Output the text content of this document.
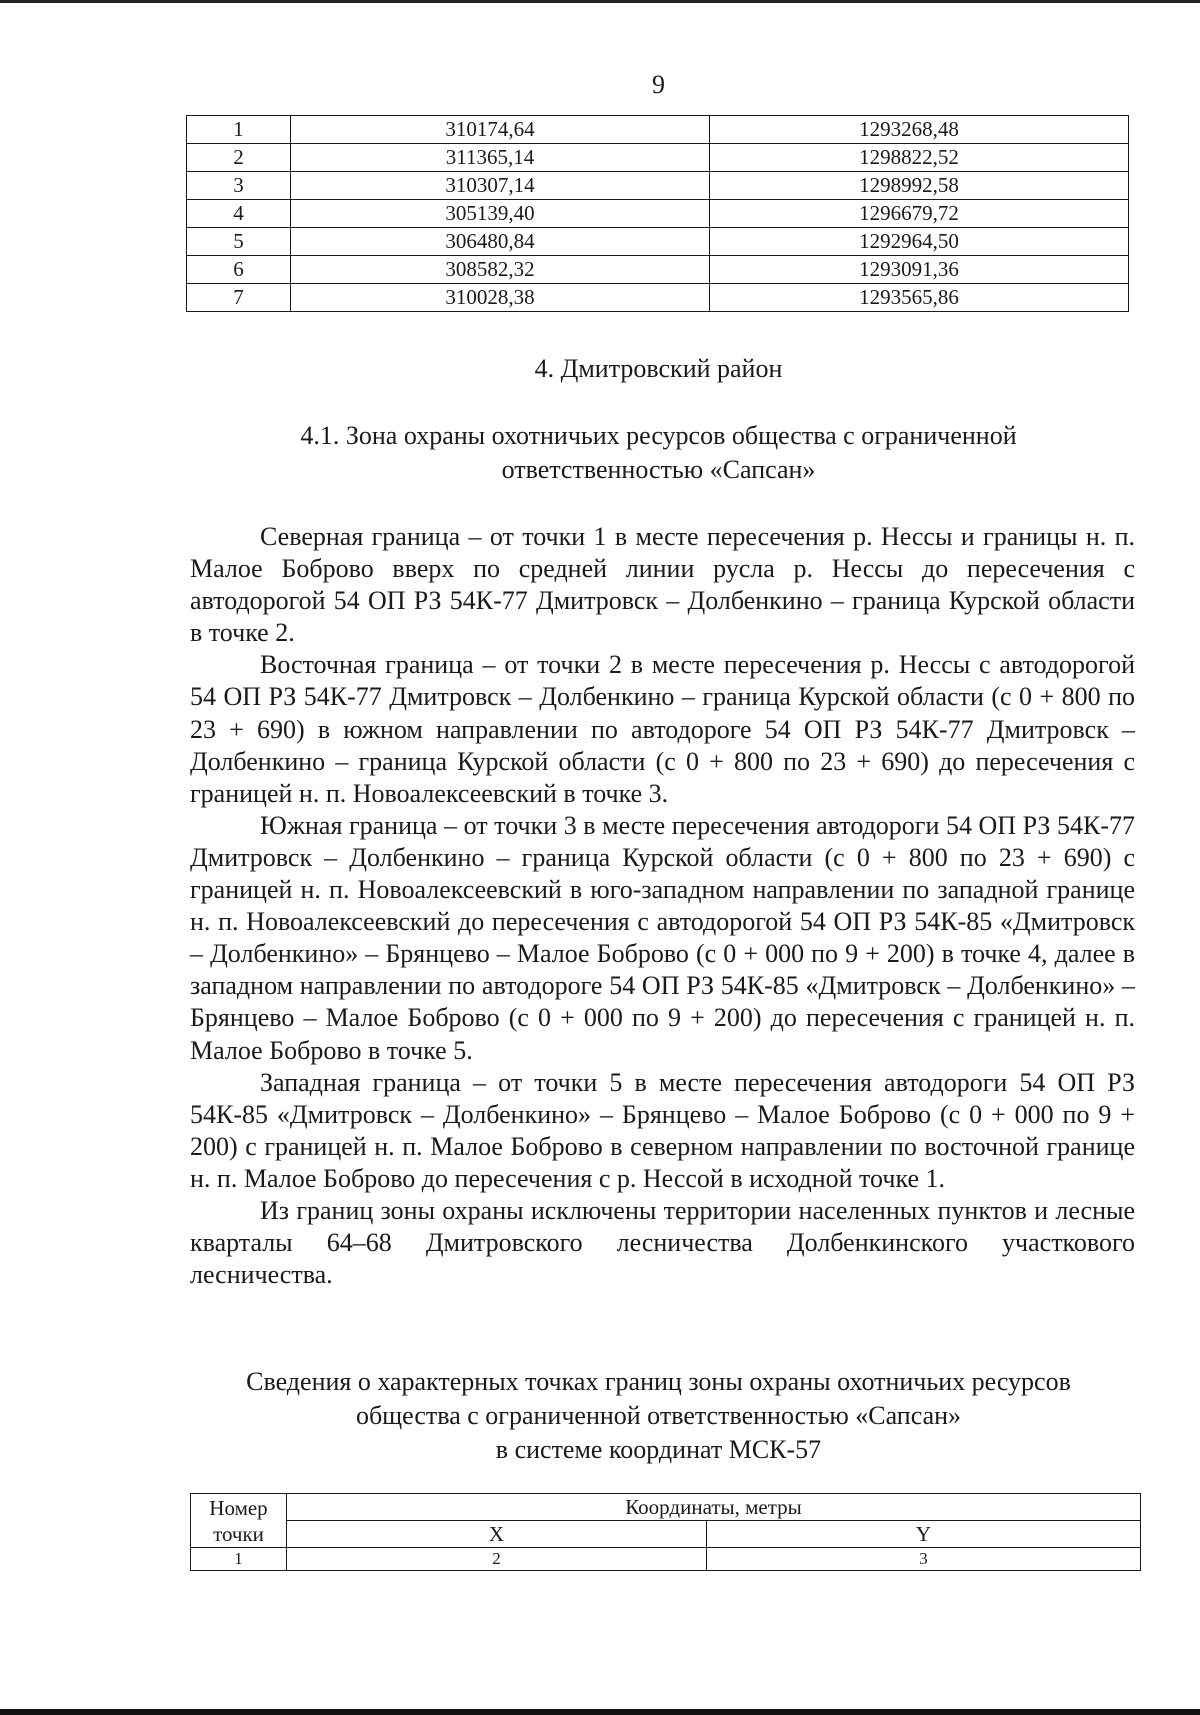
9
1	310174,64	1293268,48
2	311365,14	1298822,52
3	310307,14	1298992,58
4	305139,40	1296679,72
5	306480,84	1292964,50
6	308582,32	1293091,36
7	310028,38	1293565,86
4. Дмитровский район
4.1. Зона охраны охотничьих ресурсов общества с ограниченной
ответственностью «Сапсан»

Северная граница – от точки 1 в месте пересечения р. Нессы и границы н. п. Малое Боброво вверх по средней линии русла р. Нессы до пересечения с автодорогой 54 ОП РЗ 54К-77 Дмитровск – Долбенкино – граница Курской области в точке 2.

Восточная граница – от точки 2 в месте пересечения р. Нессы с автодорогой 54 ОП РЗ 54К-77 Дмитровск – Долбенкино – граница Курской области (с 0 + 800 по 23 + 690) в южном направлении по автодороге 54 ОП РЗ 54К-77 Дмитровск – Долбенкино – граница Курской области (с 0 + 800 по 23 + 690) до пересечения с границей н. п. Новоалексеевский в точке 3.

Южная граница – от точки 3 в месте пересечения автодороги 54 ОП РЗ 54К-77 Дмитровск – Долбенкино – граница Курской области (с 0 + 800 по 23 + 690) с границей н. п. Новоалексеевский в юго-западном направлении по западной границе н. п. Новоалексеевский до пересечения с автодорогой 54 ОП РЗ 54К-85 «Дмитровск – Долбенкино» – Брянцево – Малое Боброво (с 0 + 000 по 9 + 200) в точке 4, далее в западном направлении по автодороге 54 ОП РЗ 54К-85 «Дмитровск – Долбенкино» – Брянцево – Малое Боброво (с 0 + 000 по 9 + 200) до пересечения с границей н. п. Малое Боброво в точке 5.

Западная граница – от точки 5 в месте пересечения автодороги 54 ОП РЗ 54К-85 «Дмитровск – Долбенкино» – Брянцево – Малое Боброво (с 0 + 000 по 9 + 200) с границей н. п. Малое Боброво в северном направлении по восточной границе н. п. Малое Боброво до пересечения с р. Нессой в исходной точке 1.

Из границ зоны охраны исключены территории населенных пунктов и лесные кварталы 64–68 Дмитровского лесничества Долбенкинского участкового лесничества.

Сведения о характерных точках границ зоны охраны охотничьих ресурсов
общества с ограниченной ответственностью «Сапсан»
в системе координат МСК-57
Номер
точки	Координаты, метры	
	X	Y
1	2	3
